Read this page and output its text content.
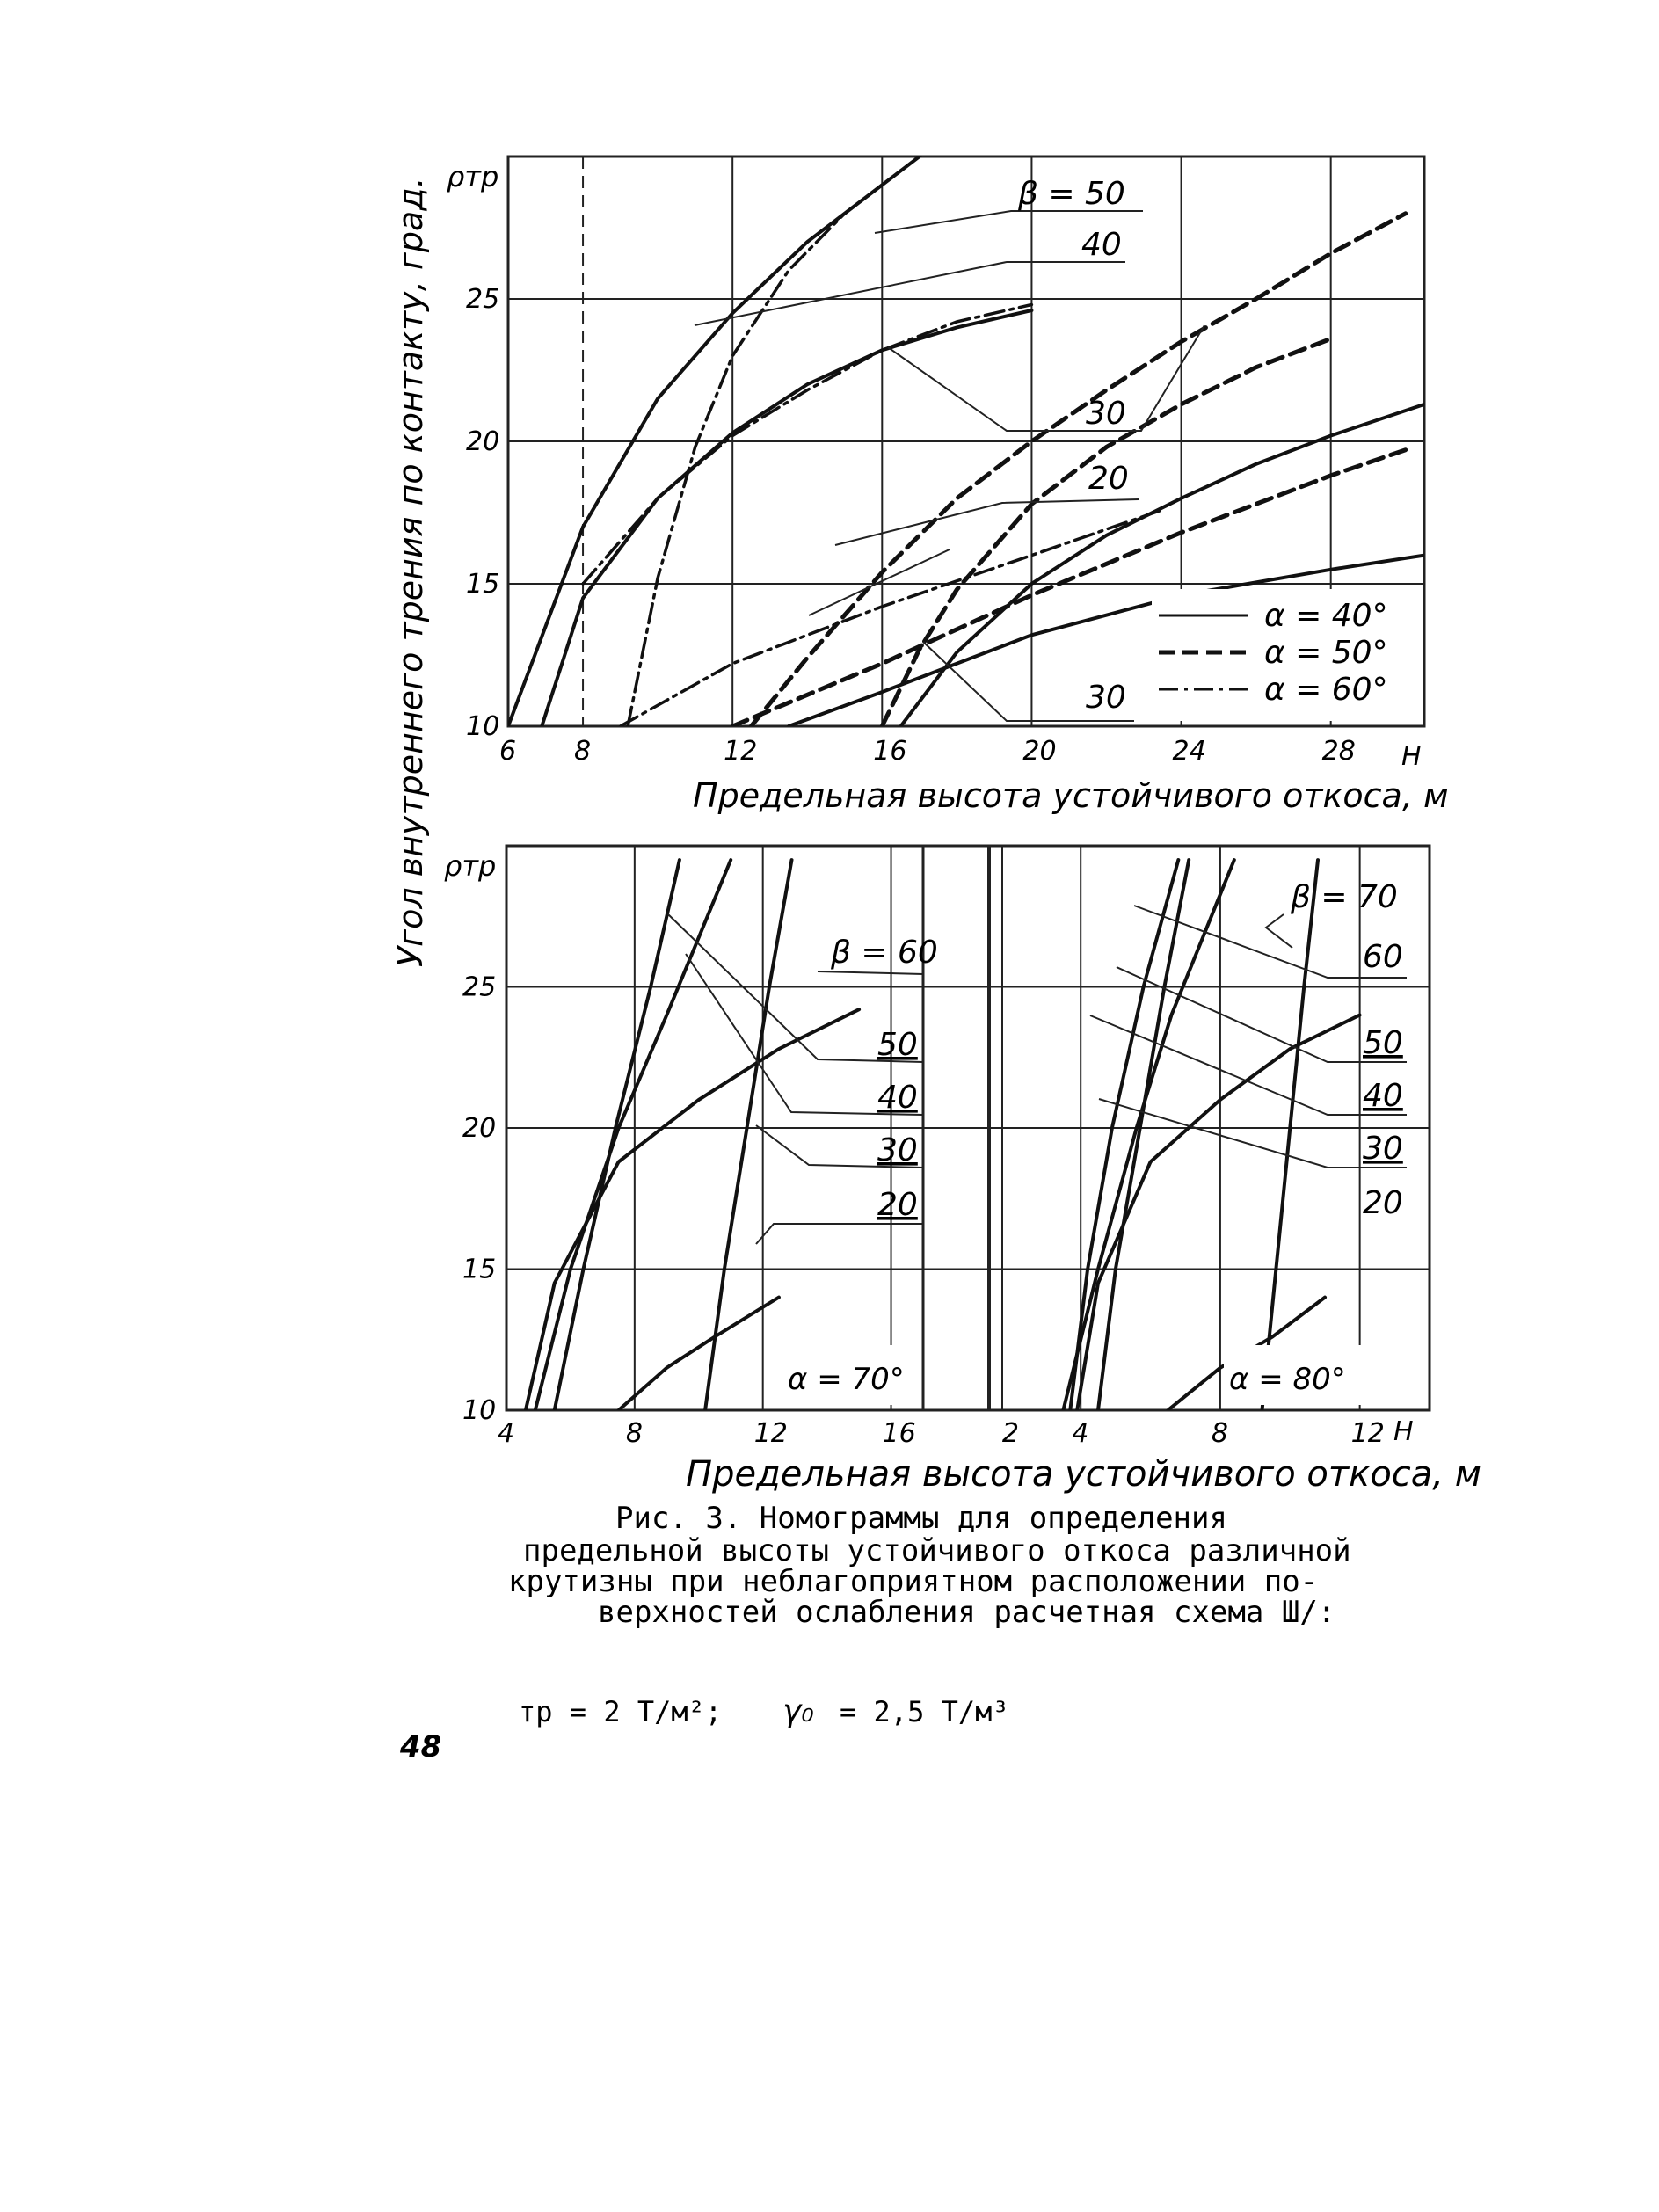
6 8	12	16	20	24	28
10
15
20
25
β = 50
40
30
20
30
α = 40°
α = 50°
α = 60°
ρтр
H
Предельная высота устойчивого откоса, м
Угол внутреннего трения по контакту, град.
10
15
20
25
4	8	12	16	2 4	8	12
β = 60
50
40
30
20
β = 70
60
50
40
30
20
α = 70°	α = 80°
ρтр
H
Предельная высота устойчивого откоса, м
Рис. 3. Номограммы для определения
предельной высоты устойчивого откоса различной
крутизны при неблагоприятном расположении по-
верхностей ослабления расчетная схема Ш/:
тр = 2 Т/м²; γ₀ = 2,5 Т/м³
48
